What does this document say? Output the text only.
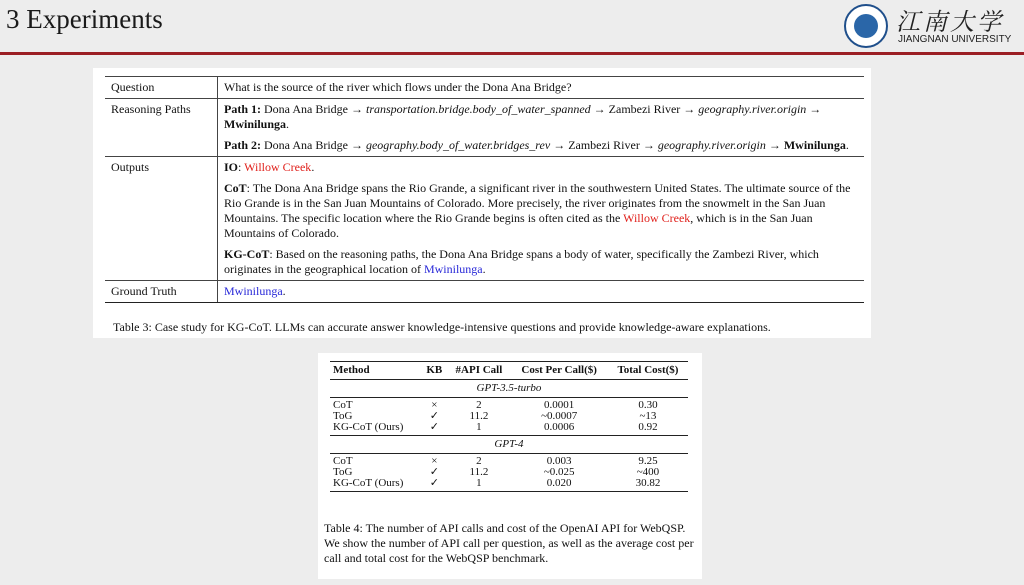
3 Experiments	江南大学
JIANGNAN UNIVERSITY
Question	What is the source of the river which flows under the Dona Ana Bridge?
Reasoning Paths	Path 1: Dona Ana Bridge → transportation.bridge.body_of_water_spanned → Zambezi River → geography.river.origin → Mwinilunga.
Path 2: Dona Ana Bridge → geography.body_of_water.bridges_rev → Zambezi River → geography.river.origin → Mwinilunga.

Outputs	IO: Willow Creek.
CoT: The Dona Ana Bridge spans the Rio Grande, a significant river in the southwestern United States. The ultimate source of the Rio Grande is in the San Juan Mountains of Colorado. More precisely, the river originates from the snowmelt in the San Juan Mountains. The specific location where the Rio Grande begins is often cited as the Willow Creek, which is in the San Juan Mountains of Colorado.
KG-CoT: Based on the reasoning paths, the Dona Ana Bridge spans a body of water, specifically the Zambezi River, which originates in the geographical location of Mwinilunga.

Ground Truth	Mwinilunga.
Table 3: Case study for KG-CoT. LLMs can accurate answer knowledge-intensive questions and provide knowledge-aware explanations.
Method	KB	#API Call	Cost Per Call($)	Total Cost($)
GPT-3.5-turbo				
CoT	×	2	0.0001	0.30
ToG	✓	11.2	~0.0007	~13
KG-CoT (Ours)	✓	1	0.0006	0.92
GPT-4				
CoT	×	2	0.003	9.25
ToG	✓	11.2	~0.025	~400
KG-CoT (Ours)	✓	1	0.020	30.82
Table 4: The number of API calls and cost of the OpenAI API for WebQSP. We show the number of API call per question, as well as the average cost per call and total cost for the WebQSP benchmark.
